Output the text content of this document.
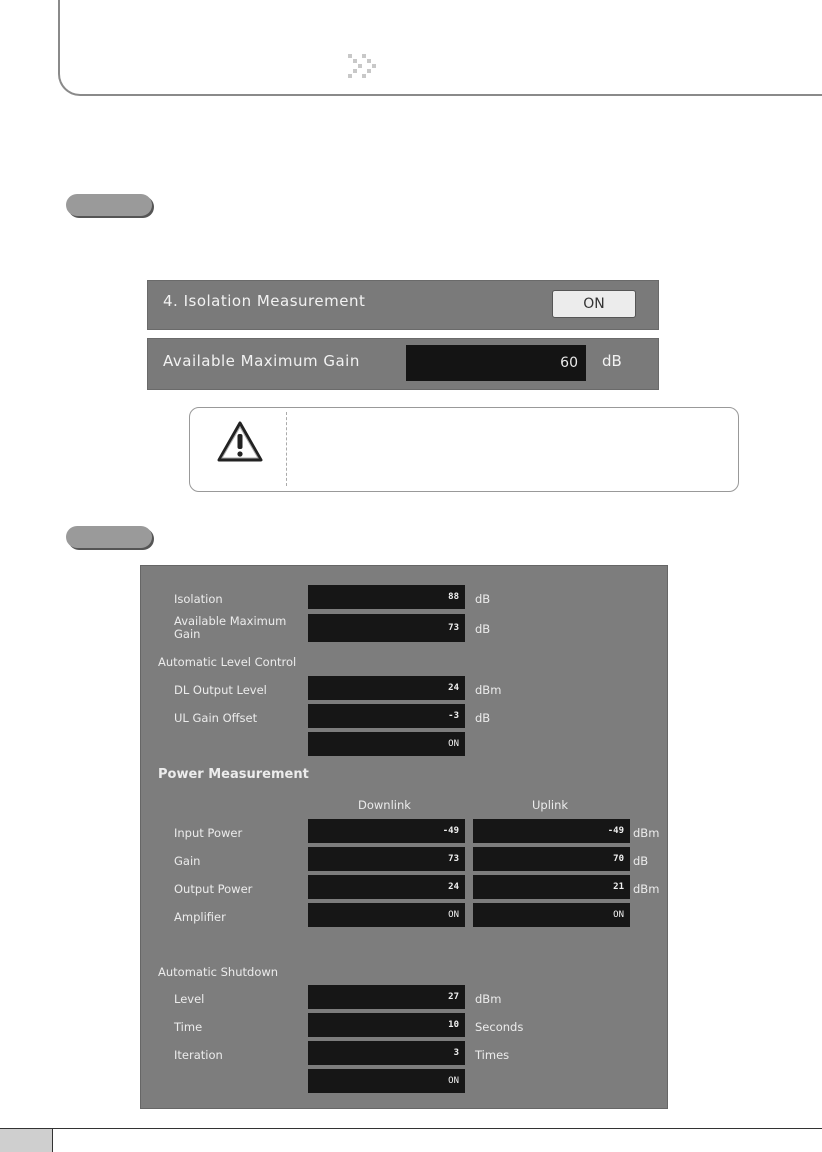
4. Isolation Measurement	ON
Available Maximum Gain	60	dB
Isolation	88	dB
Available Maximum Gain	73	dB
Automatic Level Control
DL Output Level	24	dBm
UL Gain Offset	-3	dB
ON
Power Measurement
Downlink	Uplink
Input Power	-49	-49 dBm
Gain	73	70 dB
Output Power	24	21 dBm
Amplifier	ON	ON
Automatic Shutdown
Level	27	dBm
Time	10	Seconds
Iteration	3	Times
ON
